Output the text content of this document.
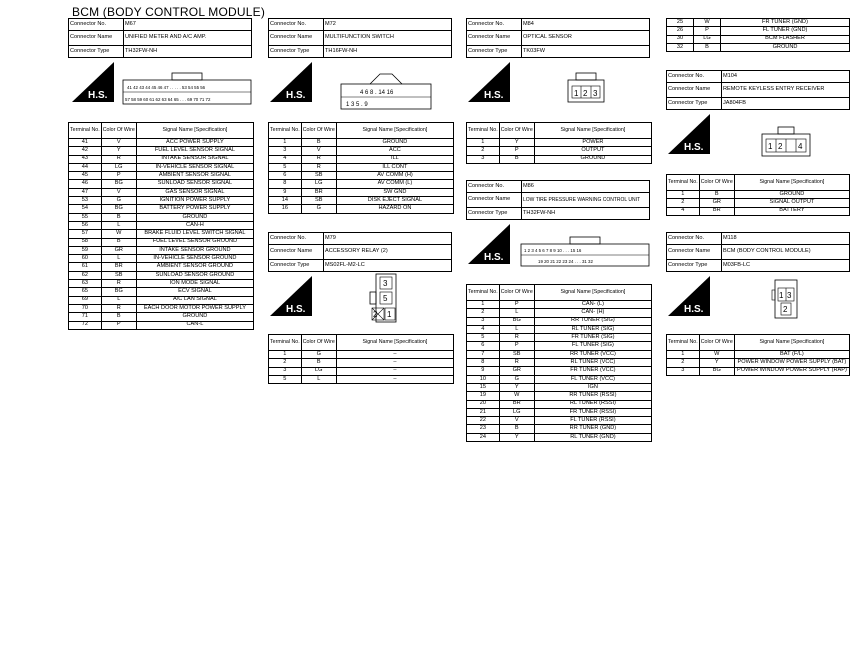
BCM (BODY CONTROL MODULE)
Connector No.	M67
Connector Name	UNIFIED METER AND A/C AMP.
Connector Type	TH32FW-NH
H.S.
41 42 43 44 45 46 47 . . . . . 53 54 55 56
57 58 59 60 61 62 63 64 65 . . . 69 70 71 72
Terminal No.	Color Of Wire	Signal Name [Specification]
41	V	ACC POWER SUPPLY
42	Y	FUEL LEVEL SENSOR SIGNAL
43	R	INTAKE SENSOR SIGNAL
44	LG	IN-VEHICLE SENSOR SIGNAL
45	P	AMBIENT SENSOR SIGNAL
46	BG	SUNLOAD SENSOR SIGNAL
47	V	GAS SENSOR SIGNAL
53	G	IGNITION POWER SUPPLY
54	BG	BATTERY POWER SUPPLY
55	B	GROUND
56	L	CAN-H
57	W	BRAKE FLUID LEVEL SWITCH SIGNAL
58	B	FUEL LEVEL SENSOR GROUND
59	GR	INTAKE SENSOR GROUND
60	L	IN-VEHICLE SENSOR GROUND
61	BR	AMBIENT SENSOR GROUND
62	SB	SUNLOAD SENSOR GROUND
63	R	ION MODE SIGNAL
65	BG	ECV SIGNAL
69	L	A/C LAN SIGNAL
70	R	EACH DOOR MOTOR POWER SUPPLY
71	B	GROUND
72	P	CAN-L
Connector No.	M72
Connector Name	MULTIFUNCTION SWITCH
Connector Type	TH16FW-NH
H.S.	4 6 8 . 14 16
1 3 5 . 9
Terminal No.	Color Of Wire	Signal Name [Specification]
1	B	GROUND
3	V	ACC
4	R	ILL
5	R	ILL CONT
6	SB	AV COMM (H)
8	LG	AV COMM (L)
9	BR	SW GND
14	SB	DISK EJECT SIGNAL
16	G	HAZARD ON
Connector No.	M79
Connector Name	ACCESSORY RELAY (2)
Connector Type	MS02FL-M2-LC
H.S.
3
5
2 1
Terminal No.	Color Of Wire	Signal Name [Specification]
1	G	–
2	B	–
3	LG	–
5	L	–
Connector No.	M84
Connector Name	OPTICAL SENSOR
Connector Type	TK03FW
H.S.	1 2 3
Terminal No.	Color Of Wire	Signal Name [Specification]
1	Y	POWER
2	P	OUTPUT
3	B	GROUND
Connector No.	M86
Connector Name	LOW TIRE PRESSURE WARNING CONTROL UNIT
Connector Type	TH32FW-NH
H.S.
1 2 3 4 5 6 7 8 9 10 . . . 15 16
19 20 21 22 23 24 . . . 31 32
Terminal No.	Color Of Wire	Signal Name [Specification]
1	P	CAN- (L)
2	L	CAN- (H)
3	BG	RR TUNER (SIG)
4	L	RL TUNER (SIG)
5	R	FR TUNER (SIG)
6	P	FL TUNER (SIG)
7	SB	RR TUNER (VCC)
8	R	RL TUNER (VCC)
9	GR	FR TUNER (VCC)
10	G	FL TUNER (VCC)
15	Y	IGN
19	W	RR TUNER (RSSI)
20	BR	RL TUNER (RSSI)
21	LG	FR TUNER (RSSI)
22	V	FL TUNER (RSSI)
23	B	RR TUNER (GND)
24	Y	RL TUNER (GND)
25	W	FR TUNER (GND)
26	P	FL TUNER (GND)
30	LG	BCM FLASHER
32	B	GROUND
Connector No.	M104
Connector Name	REMOTE KEYLESS ENTRY RECEIVER
Connector Type	JA804FB
H.S.	1 2 4
Terminal No.	Color Of Wire	Signal Name [Specification]
1	B	GROUND
2	GR	SIGNAL OUTPUT
4	BR	BATTERY
Connector No.	M118
Connector Name	BCM (BODY CONTROL MODULE)
Connector Type	M03FB-LC
H.S.
1 3
2
Terminal No.	Color Of Wire	Signal Name [Specification]
1	W	BAT (F/L)
2	Y	POWER WINDOW POWER SUPPLY (BAT)
3	BG	POWER WINDOW POWER SUPPLY (RAP)
